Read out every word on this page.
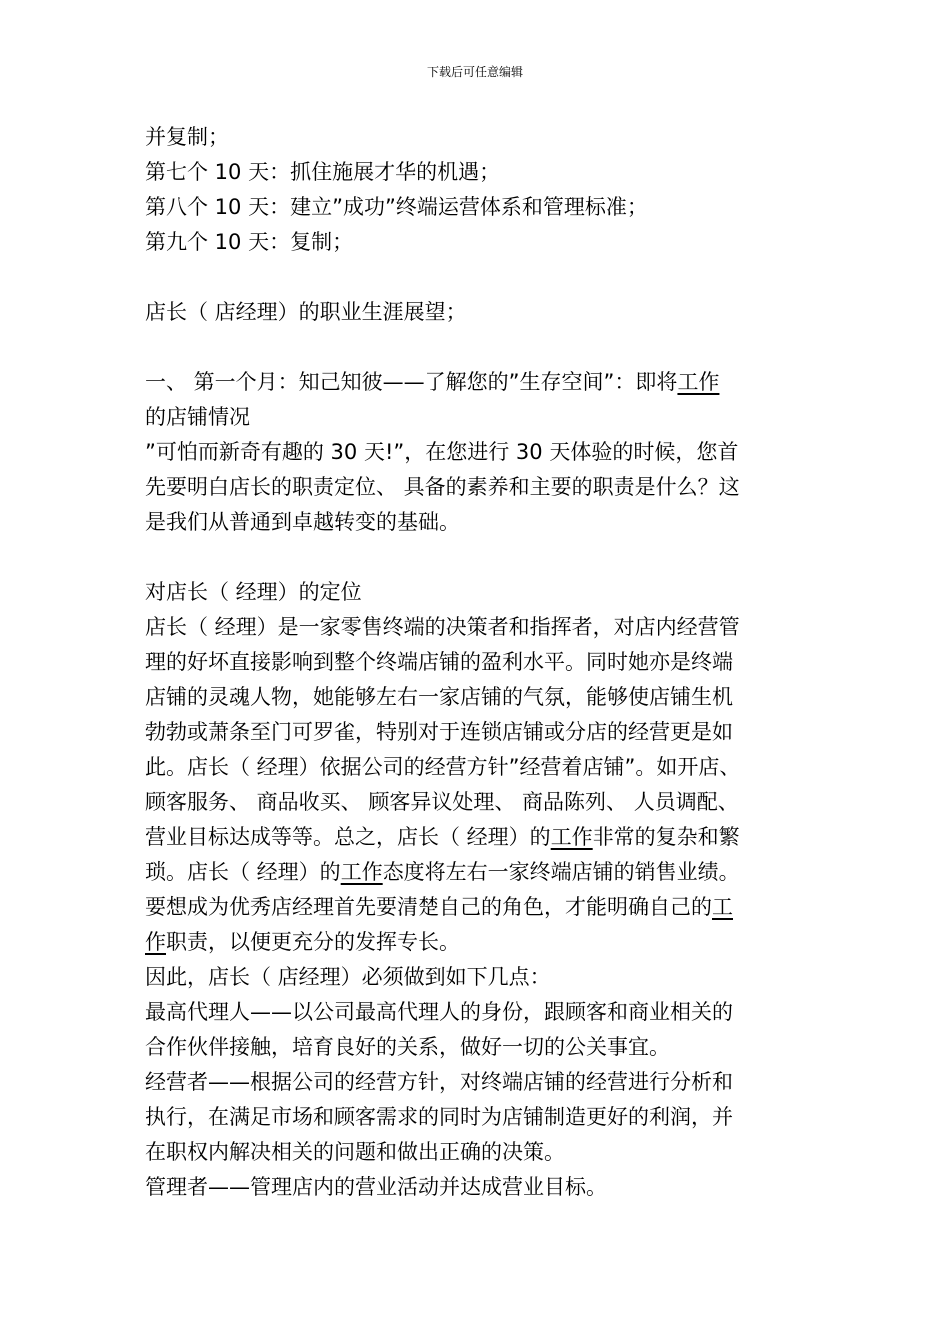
下载后可任意编辑
并复制；
第七个 10 天：抓住施展才华的机遇；
第八个 10 天：建立”成功”终端运营体系和管理标准；
第九个 10 天：复制；
店长（ 店经理）的职业生涯展望；
一、 第一个月：知己知彼——了解您的”生存空间”：即将工作
的店铺情况
”可怕而新奇有趣的 30 天!”，在您进行 30 天体验的时候，您首
先要明白店长的职责定位、 具备的素养和主要的职责是什么？这
是我们从普通到卓越转变的基础。
对店长（ 经理）的定位
店长（ 经理）是一家零售终端的决策者和指挥者，对店内经营管
理的好坏直接影响到整个终端店铺的盈利水平。同时她亦是终端
店铺的灵魂人物，她能够左右一家店铺的气氛，能够使店铺生机
勃勃或萧条至门可罗雀，特别对于连锁店铺或分店的经营更是如
此。店长（ 经理）依据公司的经营方针”经营着店铺”。如开店、
顾客服务、 商品收买、 顾客异议处理、 商品陈列、 人员调配、
营业目标达成等等。总之，店长（ 经理）的工作非常的复杂和繁
琐。店长（ 经理）的工作态度将左右一家终端店铺的销售业绩。
要想成为优秀店经理首先要清楚自己的角色，才能明确自己的工
作职责，以便更充分的发挥专长。
因此，店长（ 店经理）必须做到如下几点：
最高代理人——以公司最高代理人的身份，跟顾客和商业相关的
合作伙伴接触，培育良好的关系，做好一切的公关事宜。
经营者——根据公司的经营方针，对终端店铺的经营进行分析和
执行，在满足市场和顾客需求的同时为店铺制造更好的利润，并
在职权内解决相关的问题和做出正确的决策。
管理者——管理店内的营业活动并达成营业目标。
